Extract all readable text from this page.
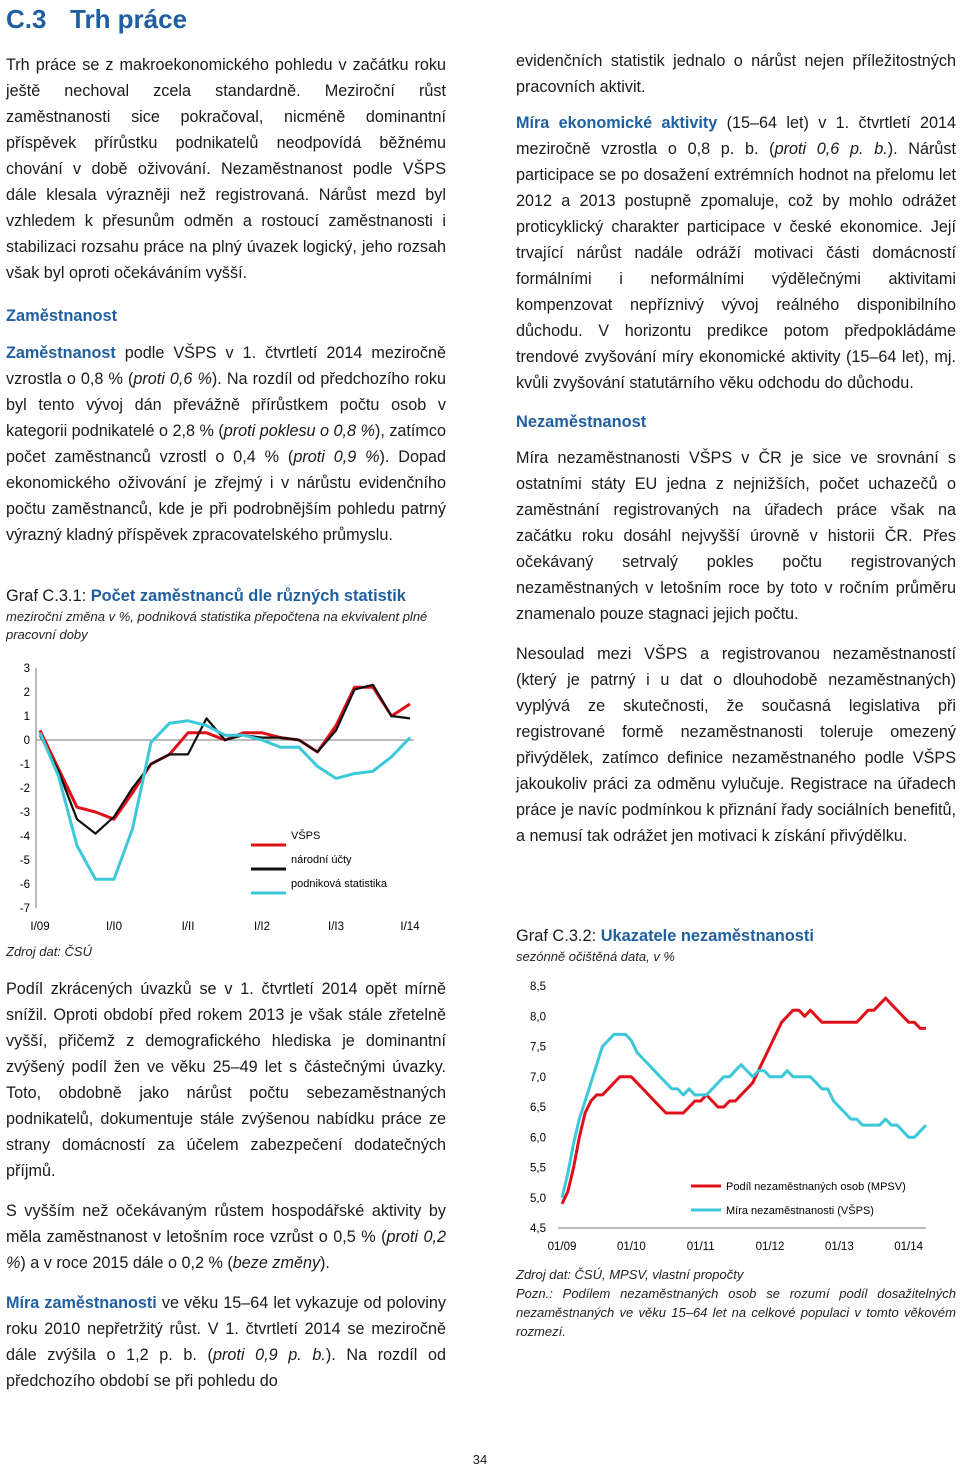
C.3 Trh práce

Trh práce se z makroekonomického pohledu v začátku roku ještě nechoval zcela standardně. Meziroční růst zaměstnanosti sice pokračoval, nicméně dominantní příspěvek přírůstku podnikatelů neodpovídá běžnému chování v době oživování. Nezaměstnanost podle VŠPS dále klesala výrazněji než registrovaná. Nárůst mezd byl vzhledem k přesunům odměn a rostoucí zaměstnanosti i stabilizaci rozsahu práce na plný úvazek logický, jeho rozsah však byl oproti očekáváním vyšší.

Zaměstnanost

Zaměstnanost podle VŠPS v 1. čtvrtletí 2014 meziročně vzrostla o 0,8 % (proti 0,6 %). Na rozdíl od předchozího roku byl tento vývoj dán převážně přírůstkem počtu osob v kategorii podnikatelé o 2,8 % (proti poklesu o 0,8 %), zatímco počet zaměstnanců vzrostl o 0,4 % (proti 0,9 %). Dopad ekonomického oživování je zřejmý i v nárůstu evidenčního počtu zaměstnanců, kde je při podrobnějším pohledu patrný výrazný kladný příspěvek zpracovatelského průmyslu.

Graf C.3.1: Počet zaměstnanců dle různých statistik
meziroční změna v %, podniková statistika přepočtena na ekvivalent plné pracovní doby
3
2
1
0
-1
-2
-3
-4
-5
-6
-7
I/09	I/I0	I/II	I/I2	I/I3	I/14
VŠPS
národní účty
podniková statistika
Zdroj dat: ČSÚ

Podíl zkrácených úvazků se v 1. čtvrtletí 2014 opět mírně snížil. Oproti období před rokem 2013 je však stále zřetelně vyšší, přičemž z demografického hlediska je dominantní zvýšený podíl žen ve věku 25–49 let s částečnými úvazky. Toto, obdobně jako nárůst počtu sebezaměstnaných podnikatelů, dokumentuje stále zvýšenou nabídku práce ze strany domácností za účelem zabezpečení dodatečných příjmů.

S vyšším než očekávaným růstem hospodářské aktivity by měla zaměstnanost v letošním roce vzrůst o 0,5 % (proti 0,2 %) a v roce 2015 dále o 0,2 % (beze změny).

Míra zaměstnanosti ve věku 15–64 let vykazuje od poloviny roku 2010 nepřetržitý růst. V 1. čtvrtletí 2014 se meziročně dále zvýšila o 1,2 p. b. (proti 0,9 p. b.). Na rozdíl od předchozího období se při pohledu do

evidenčních statistik jednalo o nárůst nejen příležitostných pracovních aktivit.

Míra ekonomické aktivity (15–64 let) v 1. čtvrtletí 2014 meziročně vzrostla o 0,8 p. b. (proti 0,6 p. b.). Nárůst participace se po dosažení extrémních hodnot na přelomu let 2012 a 2013 postupně zpomaluje, což by mohlo odrážet proticyklický charakter participace v české ekonomice. Její trvající nárůst nadále odráží motivaci části domácností formálními i neformálními výdělečnými aktivitami kompenzovat nepříznivý vývoj reálného disponibilního důchodu. V horizontu predikce potom předpokládáme trendové zvyšování míry ekonomické aktivity (15–64 let), mj. kvůli zvyšování statutárního věku odchodu do důchodu.

Nezaměstnanost

Míra nezaměstnanosti VŠPS v ČR je sice ve srovnání s ostatními státy EU jedna z nejnižších, počet uchazečů o zaměstnání registrovaných na úřadech práce však na začátku roku dosáhl nejvyšší úrovně v historii ČR. Přes očekávaný setrvalý pokles počtu registrovaných nezaměstnaných v letošním roce by toto v ročním průměru znamenalo pouze stagnaci jejich počtu.

Nesoulad mezi VŠPS a registrovanou nezaměstnaností (který je patrný i u dat o dlouhodobě nezaměstnaných) vyplývá ze skutečnosti, že současná legislativa při registrované formě nezaměstnanosti toleruje omezený přivýdělek, zatímco definice nezaměstnaného podle VŠPS jakoukoliv práci za odměnu vylučuje. Registrace na úřadech práce je navíc podmínkou k přiznání řady sociálních benefitů, a nemusí tak odrážet jen motivaci k získání přivýdělku.

Graf C.3.2: Ukazatele nezaměstnanosti
sezónně očištěná data, v %
8,5
8,0
7,5
7,0
6,5
6,0
5,5
5,0
4,5
01/09	01/10	01/11	01/12	01/13	01/14
Podíl nezaměstnaných osob (MPSV)
Míra nezaměstnanosti (VŠPS)
Zdroj dat: ČSÚ, MPSV, vlastní propočty
Pozn.: Podílem nezaměstnaných osob se rozumí podíl dosažitelných nezaměstnaných ve věku 15–64 let na celkové populaci v tomto věkovém rozmezí.
34
